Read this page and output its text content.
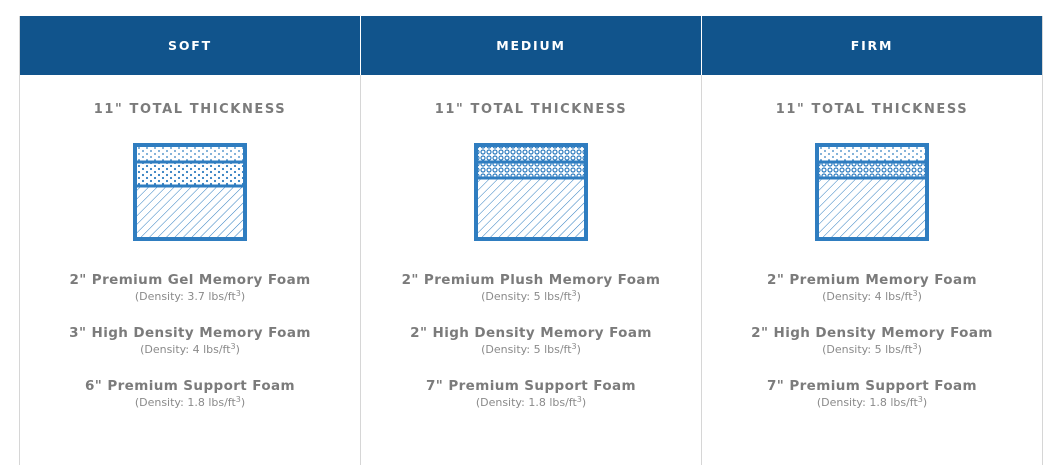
SOFT
11" TOTAL THICKNESS
2" Premium Gel Memory Foam
(Density: 3.7 lbs/$ft^3$)
3" High Density Memory Foam
(Density: 4 lbs/$ft^3$)
6" Premium Support Foam
(Density: 1.8 lbs/$ft^3$)
MEDIUM
11" TOTAL THICKNESS
2" Premium Plush Memory Foam
(Density: 5 lbs/$ft^3$)
2" High Density Memory Foam
(Density: 5 lbs/$ft^3$)
7" Premium Support Foam
(Density: 1.8 lbs/$ft^3$)
FIRM
11" TOTAL THICKNESS
2" Premium Memory Foam
(Density: 4 lbs/$ft^3$)
2" High Density Memory Foam
(Density: 5 lbs/$ft^3$)
7" Premium Support Foam
(Density: 1.8 lbs/$ft^3$)
